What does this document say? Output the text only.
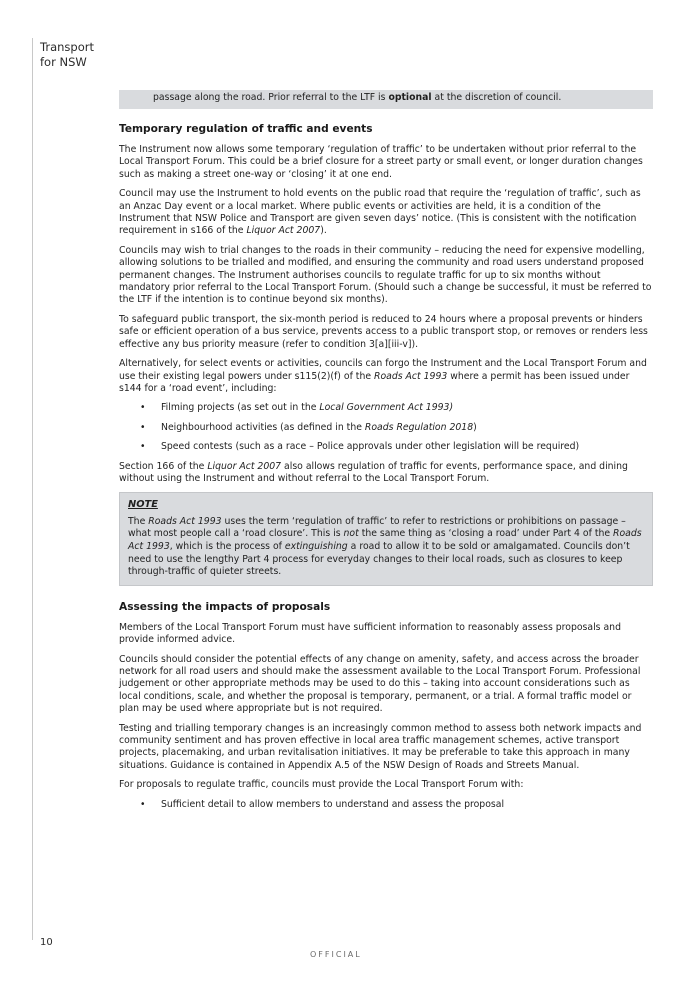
Transport
for NSW
10
OFFICIAL
passage along the road. Prior referral to the LTF is optional at the discretion of council.
Temporary regulation of traffic and events

The Instrument now allows some temporary ‘regulation of traffic’ to be undertaken without prior referral to the Local Transport Forum. This could be a brief closure for a street party or small event, or longer duration changes such as making a street one-way or ‘closing’ it at one end.

Council may use the Instrument to hold events on the public road that require the ‘regulation of traffic’, such as an Anzac Day event or a local market. Where public events or activities are held, it is a condition of the Instrument that NSW Police and Transport are given seven days’ notice. (This is consistent with the notification requirement in s166 of the Liquor Act 2007).

Councils may wish to trial changes to the roads in their community – reducing the need for expensive modelling, allowing solutions to be trialled and modified, and ensuring the community and road users understand proposed permanent changes. The Instrument authorises councils to regulate traffic for up to six months without mandatory prior referral to the Local Transport Forum. (Should such a change be successful, it must be referred to the LTF if the intention is to continue beyond six months).

To safeguard public transport, the six-month period is reduced to 24 hours where a proposal prevents or hinders safe or efficient operation of a bus service, prevents access to a public transport stop, or removes or renders less effective any bus priority measure (refer to condition 3[a][iii-v]).

Alternatively, for select events or activities, councils can forgo the Instrument and the Local Transport Forum and use their existing legal powers under s115(2)(f) of the Roads Act 1993 where a permit has been issued under s144 for a ‘road event’, including:

• Filming projects (as set out in the Local Government Act 1993)
• Neighbourhood activities (as defined in the Roads Regulation 2018)
• Speed contests (such as a race – Police approvals under other legislation will be required)

Section 166 of the Liquor Act 2007 also allows regulation of traffic for events, performance space, and dining without using the Instrument and without referral to the Local Transport Forum.

NOTE
The Roads Act 1993 uses the term ‘regulation of traffic’ to refer to restrictions or prohibitions on passage – what most people call a ‘road closure’. This is not the same thing as ‘closing a road’ under Part 4 of the Roads Act 1993, which is the process of extinguishing a road to allow it to be sold or amalgamated. Councils don’t need to use the lengthy Part 4 process for everyday changes to their local roads, such as closures to keep through-traffic of quieter streets.
Assessing the impacts of proposals

Members of the Local Transport Forum must have sufficient information to reasonably assess proposals and provide informed advice.

Councils should consider the potential effects of any change on amenity, safety, and access across the broader network for all road users and should make the assessment available to the Local Transport Forum. Professional judgement or other appropriate methods may be used to do this – taking into account considerations such as local conditions, scale, and whether the proposal is temporary, permanent, or a trial. A formal traffic model or plan may be used where appropriate but is not required.

Testing and trialling temporary changes is an increasingly common method to assess both network impacts and community sentiment and has proven effective in local area traffic management schemes, active transport projects, placemaking, and urban revitalisation initiatives. It may be preferable to take this approach in many situations. Guidance is contained in Appendix A.5 of the NSW Design of Roads and Streets Manual.

For proposals to regulate traffic, councils must provide the Local Transport Forum with:

• Sufficient detail to allow members to understand and assess the proposal
